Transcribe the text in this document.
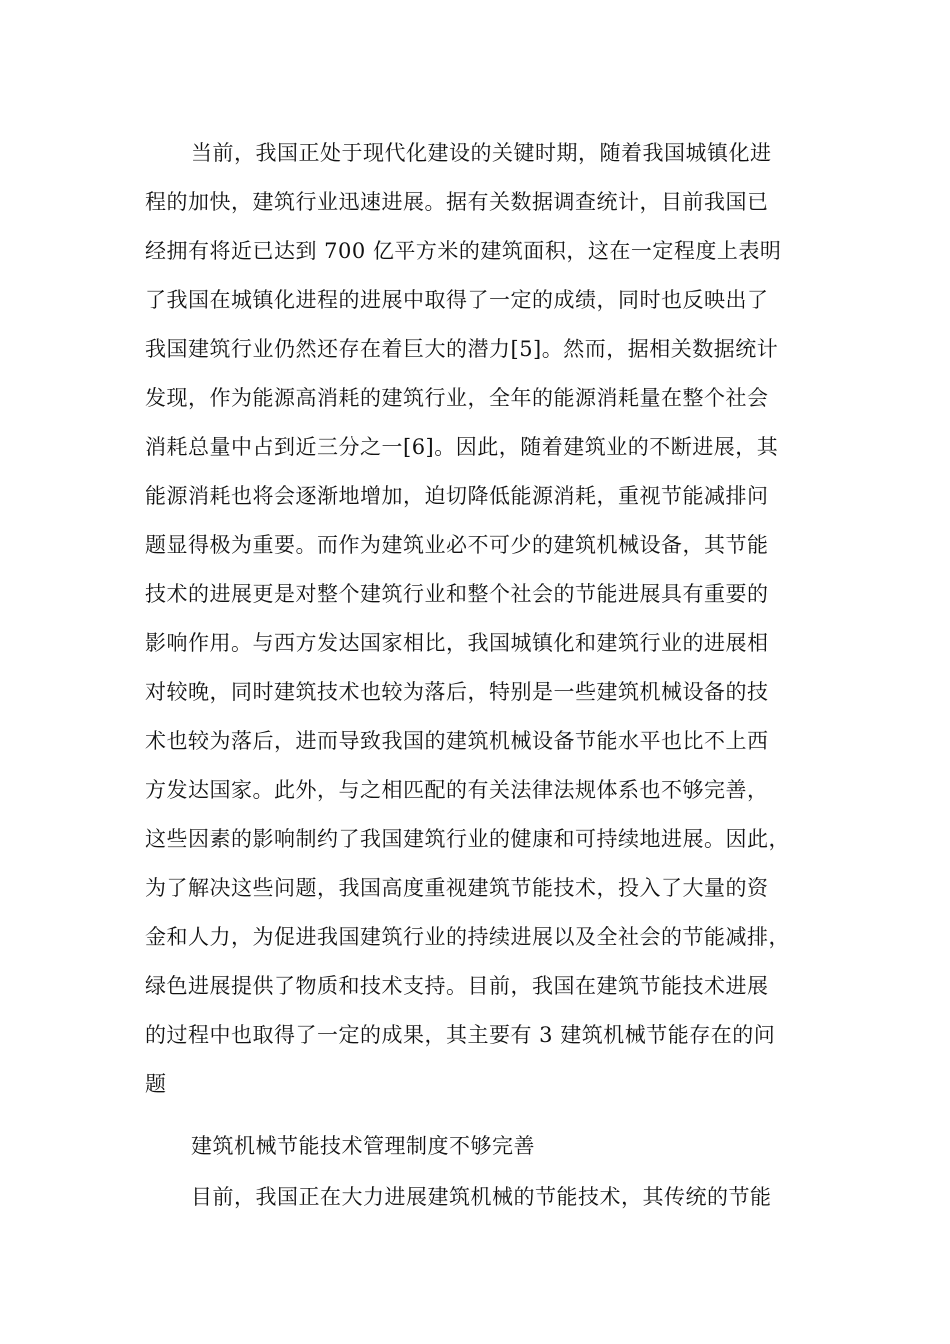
当前，我国正处于现代化建设的关键时期，随着我国城镇化进
程的加快，建筑行业迅速进展。据有关数据调查统计，目前我国已
经拥有将近已达到 700 亿平方米的建筑面积，这在一定程度上表明
了我国在城镇化进程的进展中取得了一定的成绩，同时也反映出了
我国建筑行业仍然还存在着巨大的潜力[5]。然而，据相关数据统计
发现，作为能源高消耗的建筑行业，全年的能源消耗量在整个社会
消耗总量中占到近三分之一[6]。因此，随着建筑业的不断进展，其
能源消耗也将会逐渐地增加，迫切降低能源消耗，重视节能减排问
题显得极为重要。而作为建筑业必不可少的建筑机械设备，其节能
技术的进展更是对整个建筑行业和整个社会的节能进展具有重要的
影响作用。与西方发达国家相比，我国城镇化和建筑行业的进展相
对较晚，同时建筑技术也较为落后，特别是一些建筑机械设备的技
术也较为落后，进而导致我国的建筑机械设备节能水平也比不上西
方发达国家。此外，与之相匹配的有关法律法规体系也不够完善，
这些因素的影响制约了我国建筑行业的健康和可持续地进展。因此，
为了解决这些问题，我国高度重视建筑节能技术，投入了大量的资
金和人力，为促进我国建筑行业的持续进展以及全社会的节能减排，
绿色进展提供了物质和技术支持。目前，我国在建筑节能技术进展
的过程中也取得了一定的成果，其主要有 3 建筑机械节能存在的问
题
建筑机械节能技术管理制度不够完善
目前，我国正在大力进展建筑机械的节能技术，其传统的节能
